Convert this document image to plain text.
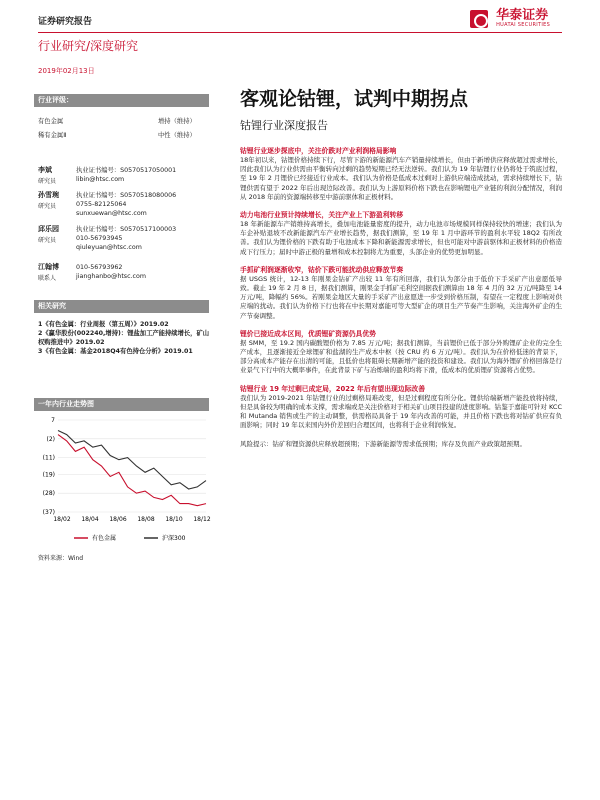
证券研究报告
	华泰证券
HUATAI SECURITIES
行业研究/深度研究
2019年02月13日
行业评级：
有色金属	增持（维持）
稀有金属Ⅱ	中性（维持）
李斌
研究员
执业证书编号：S0570517050001
libin@htsc.com
孙雪琬
研究员
执业证书编号：S0570518080006
0755-82125064
sunxuewan@htsc.com
邱乐园
研究员
执业证书编号：S0570517100003
010-56793945
qiuleyuan@htsc.com
江翰博
联系人
010-56793962
jianghanbo@htsc.com
相关研究
1《有色金属：行业周报（第五周）》2019.02
2《赢华股份(002240,增持)：锂盐加工产能持续增长，矿山权购推进中》2019.02
3《有色金属：基金2018Q4有色持仓分析》2019.01
一年内行业走势图
7
(2)
(11)
(19)
(28)
(37)
18/02 18/04 18/06 18/08 18/10 18/12
有色金属	沪深300
资料来源：Wind
客观论钴锂，试判中期拐点
钴锂行业深度报告
钴锂行业逐步探底中，关注价跌对产业利润格局影响
18年初以来，钴锂价格持续下行，尽管下游的新能源汽车产销量持续增长，但由于新增供应释放超过需求增长，因此我们认为行业供需由平衡转向过剩的趋势短期已经无法逆转。我们认为 19 年钴锂行业仍将处于筑底过程，至 19 年 2 月锂价已经接近行业成本。我们认为价格是低成本过剩对上游供应端造成扰动，需求持续增长下，钴锂供需有望于 2022 年后出现边际改善。我们认为上游原料价格下跌也在影响锂电产业链的利润分配情况，利润从 2018 年前的资源端转移至中游前驱体和正极材料。
动力电池行业预计持续增长，关注产业上下游盈利转移
18 年新能源车产销维持高增长，叠加电池能量密度的提升，动力电池市场规模同样保持较快的增速；我们认为车企补贴退坡不改新能源汽车产业增长趋势，据我们测算，至 19 年 1 月中游环节的盈利水平较 18Q2 有所改善。我们认为锂价格的下跌有助于电池成本下降和新能源需求增长，但也可能对中游前驱体和正极材料的价格造成下行压力；届时中游正极的量增和成本控制将尤为重要，头部企业的优势更加明显。
手抓矿利润逐渐收窄，钴价下跌可能扰动供应释放节奏
据 USGS 统计，12-13 年刚果金钴矿产出较 11 年有所回落，我们认为部分由于低价下手采矿产出意愿低导致。截止 19 年 2 月 8 日，据我们测算，刚果金手抓矿毛利空间据我们测算由 18 年 4 月的 32 万元/吨降至 14 万元/吨，降幅约 56%。若刚果金地区大量的手采矿产出意愿进一步受到价格压制，有望在一定程度上影响对供应端的扰动。我们认为价格下行也将在中长期对嘉能可等大型矿企的项目生产节奏产生影响，关注海外矿企的生产节奏调整。
锂价已接近成本区间，优质锂矿资源仍具优势
据 SMM，至 19.2 国内碳酸锂价格为 7.85 万元/吨；据我们测算，当前锂价已低于部分外购锂矿企业的完全生产成本，且逐渐接近全球锂矿和盐湖的生产成本中枢（按 CRU 约 6 万元/吨）。我们认为在价格低迷的背景下，部分高成本产能存在出清的可能，且低价也将阻碍长期新增产能的投资和建设。我们认为海外锂矿价格回落是行业景气下行中的大概率事件，在此背景下矿与冶炼端的盈利均将下滑，低成本的优质锂矿资源将占优势。
钴锂行业 19 年过剩已成定局，2022 年后有望出现边际改善
我们认为 2019-2021 年钴锂行业的过剩格局难改变，但是过剩程度有所分化。锂供给端新增产能投放将持续，但是具备较为明确的成本支撑，需求端或是关注价格对于相关矿山项目投建的进度影响。钴鉴于嘉能可针对 KCC 和 Mutanda 销售或生产的主动调整，供需格局具备于 19 年内改善的可能，并且价格下跌也将对钴矿供应有负面影响；同时 19 年以来国内外价差回归合理区间，也将利于企业利润恢复。
风险提示：钴矿和锂资源供应释放超预期；下游新能源等需求低预期；库存及负面产业政策超预期。
